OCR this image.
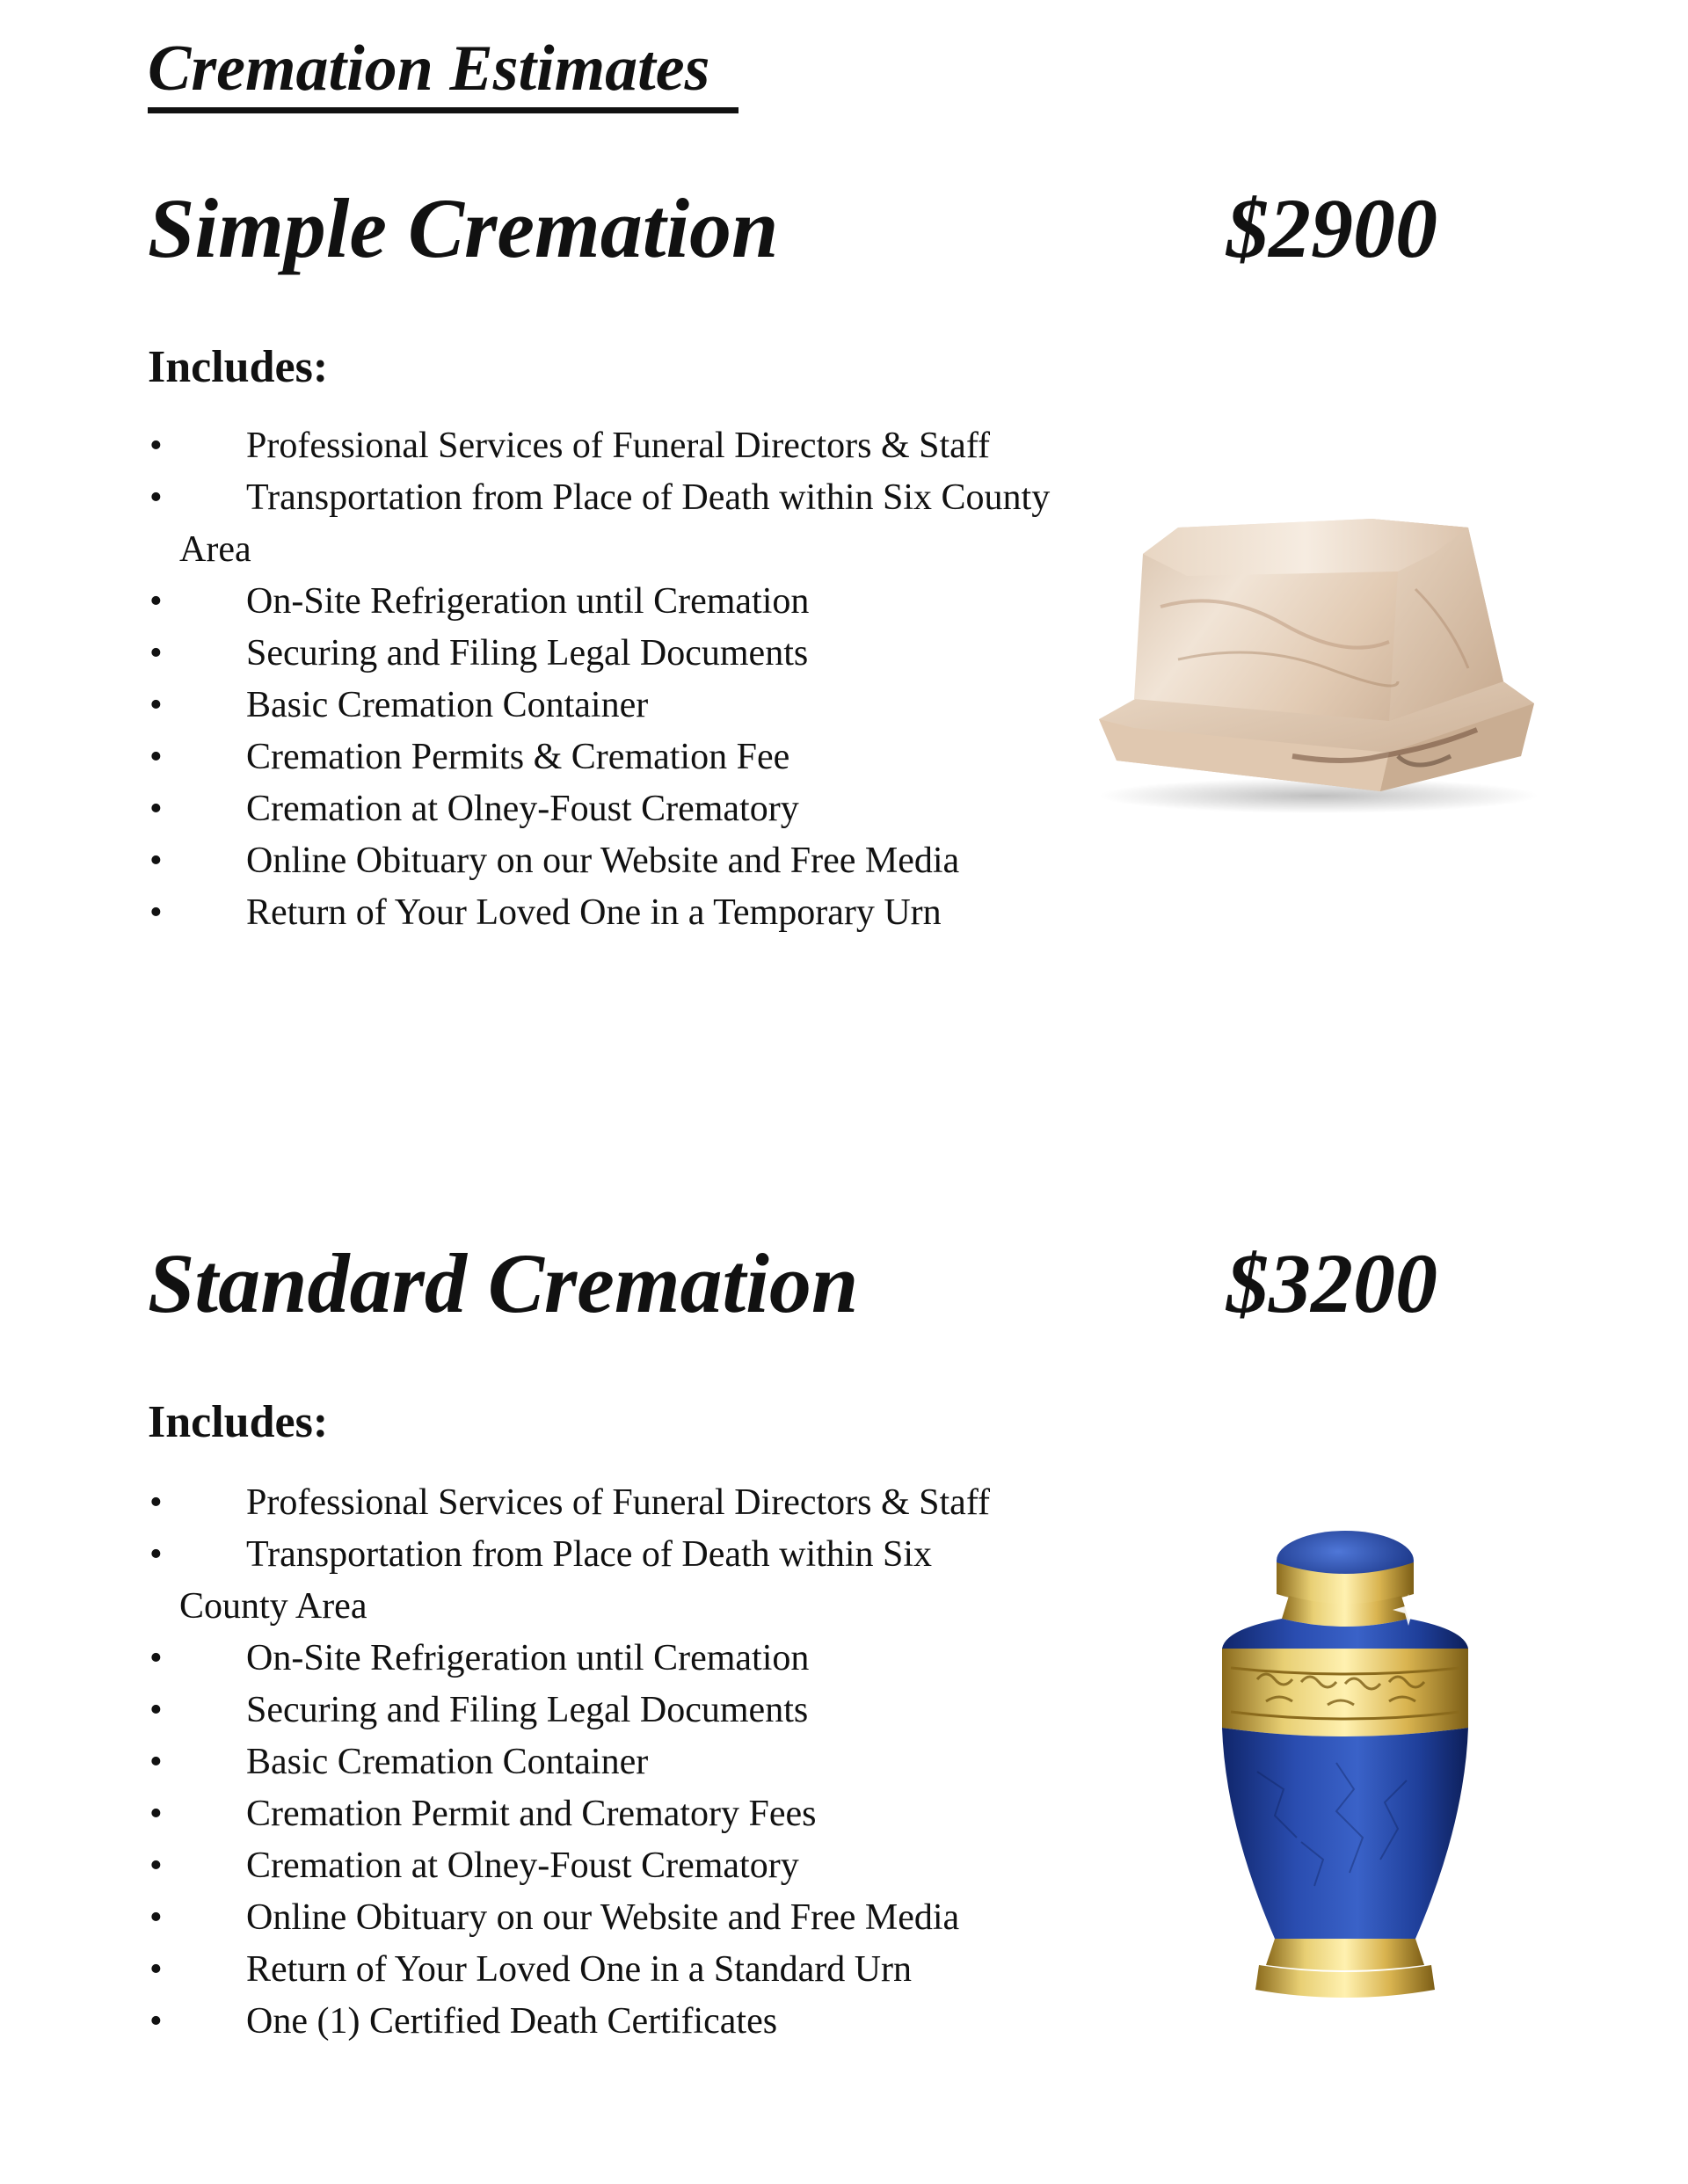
Cremation Estimates
Simple Cremation	$2900
Includes:
• Professional Services of Funeral Directors & Staff
• Transportation from Place of Death within Six County
Area
• On-Site Refrigeration until Cremation
• Securing and Filing Legal Documents
• Basic Cremation Container
• Cremation Permits & Cremation Fee
• Cremation at Olney-Foust Crematory
• Online Obituary on our Website and Free Media
• Return of Your Loved One in a Temporary Urn
Standard Cremation	$3200
Includes:
• Professional Services of Funeral Directors & Staff
• Transportation from Place of Death within Six
County Area
• On-Site Refrigeration until Cremation
• Securing and Filing Legal Documents
• Basic Cremation Container
• Cremation Permit and Crematory Fees
• Cremation at Olney-Foust Crematory
• Online Obituary on our Website and Free Media
• Return of Your Loved One in a Standard Urn
• One (1) Certified Death Certificates
